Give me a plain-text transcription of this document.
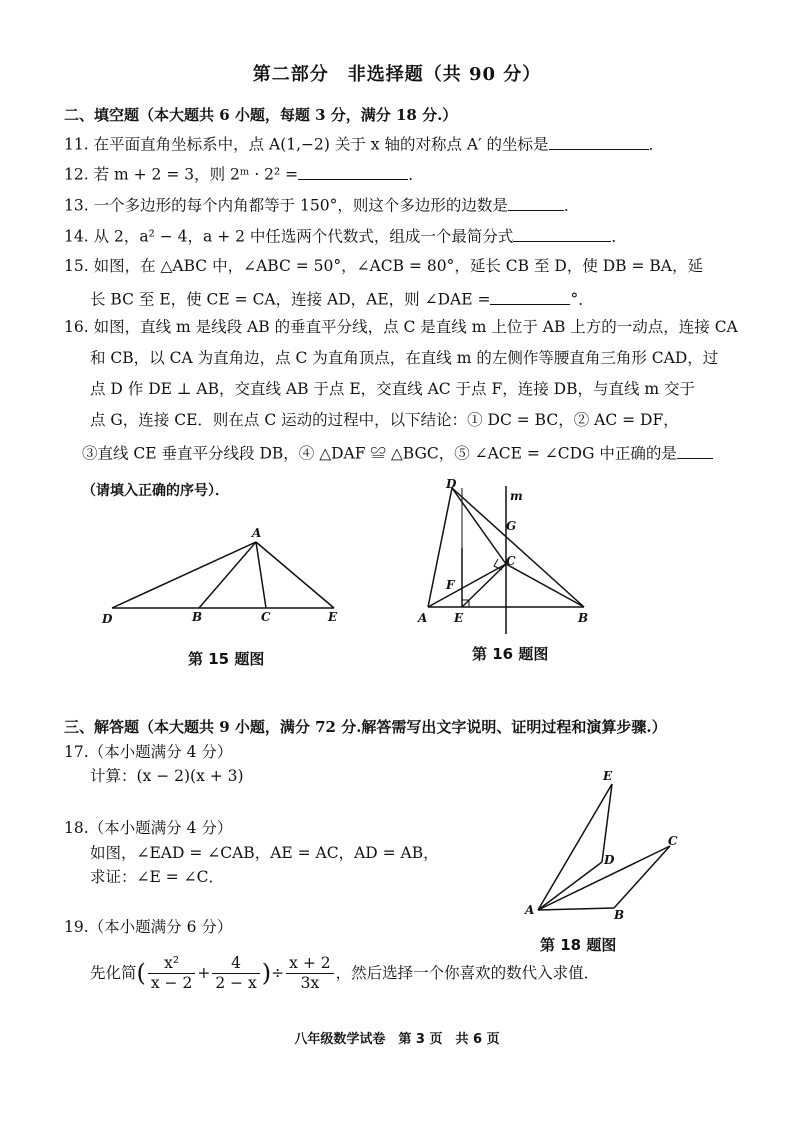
第二部分　非选择题（共 90 分）
二、填空题（本大题共 6 小题，每题 3 分，满分 18 分.）
11. 在平面直角坐标系中，点 A(1,−2) 关于 x 轴的对称点 A′ 的坐标是	．
12. 若 m + 2 = 3，则 2ᵐ · 2² =	．
13. 一个多边形的每个内角都等于 150°，则这个多边形的边数是	．
14. 从 2，a² − 4，a + 2 中任选两个代数式，组成一个最简分式	．
15. 如图，在 △ABC 中，∠ABC = 50°，∠ACB = 80°，延长 CB 至 D，使 DB = BA，延
长 BC 至 E，使 CE = CA，连接 AD，AE，则 ∠DAE =	°．
16. 如图，直线 m 是线段 AB 的垂直平分线，点 C 是直线 m 上位于 AB 上方的一动点，连接 CA
和 CB，以 CA 为直角边，点 C 为直角顶点，在直线 m 的左侧作等腰直角三角形 CAD，过
点 D 作 DE ⊥ AB，交直线 AB 于点 E，交直线 AC 于点 F，连接 DB，与直线 m 交于
点 G，连接 CE．则在点 C 运动的过程中，以下结论：① DC = BC，② AC = DF，
③直线 CE 垂直平分线段 DB，④ △DAF ≌ △BGC，⑤ ∠ACE = ∠CDG 中正确的是
（请填入正确的序号）．
A
D	B	C	E
第 15 题图
D
m
G
C
F
A E	B
第 16 题图
三、解答题（本大题共 9 小题，满分 72 分.解答需写出文字说明、证明过程和演算步骤.）
17.（本小题满分 4 分）
计算：(x − 2)(x + 3)
18.（本小题满分 4 分）
如图，∠EAD = ∠CAB，AE = AC，AD = AB，
求证：∠E = ∠C．
E
D
C
A	B
第 18 题图
19.（本小题满分 6 分）
先化简 ( $\frac{\text{x²}}{x - 2} + \frac{4}{2 - x}$ ) ÷ $\frac{x + 2}{3x}$ ，然后选择一个你喜欢的数代入求值．
八年级数学试卷　第 3 页　共 6 页
